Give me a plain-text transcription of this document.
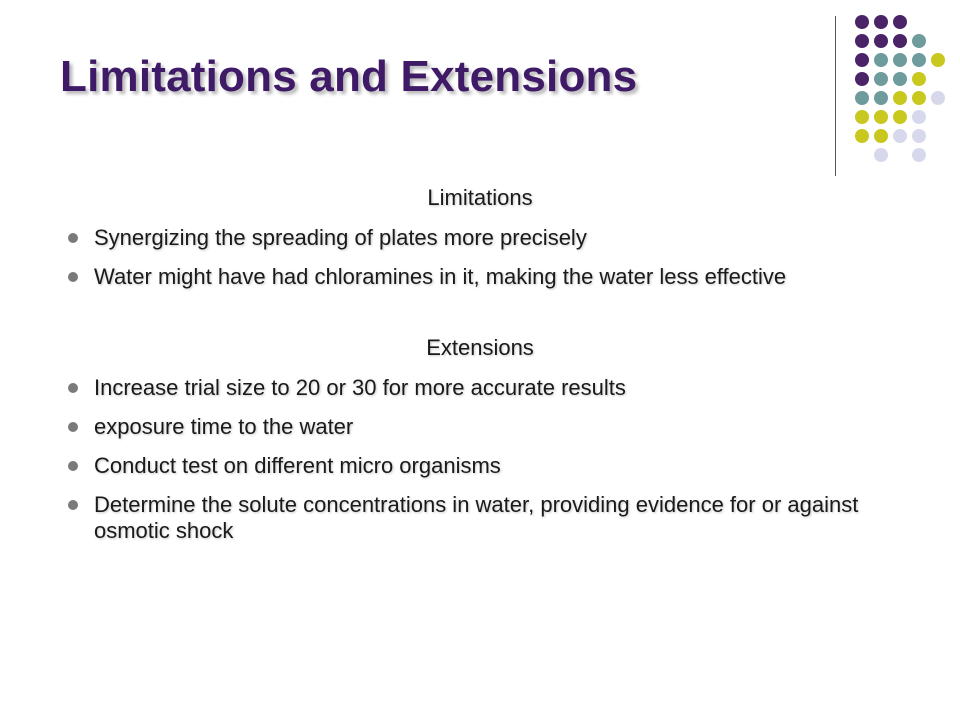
Limitations and Extensions
Limitations
Synergizing the spreading of plates more precisely
Water might have had chloramines in it, making the water less effective
Extensions
Increase trial size to 20 or 30 for more accurate results
exposure time to the water
Conduct test on different micro organisms
Determine the solute concentrations in water, providing evidence for or against osmotic shock
